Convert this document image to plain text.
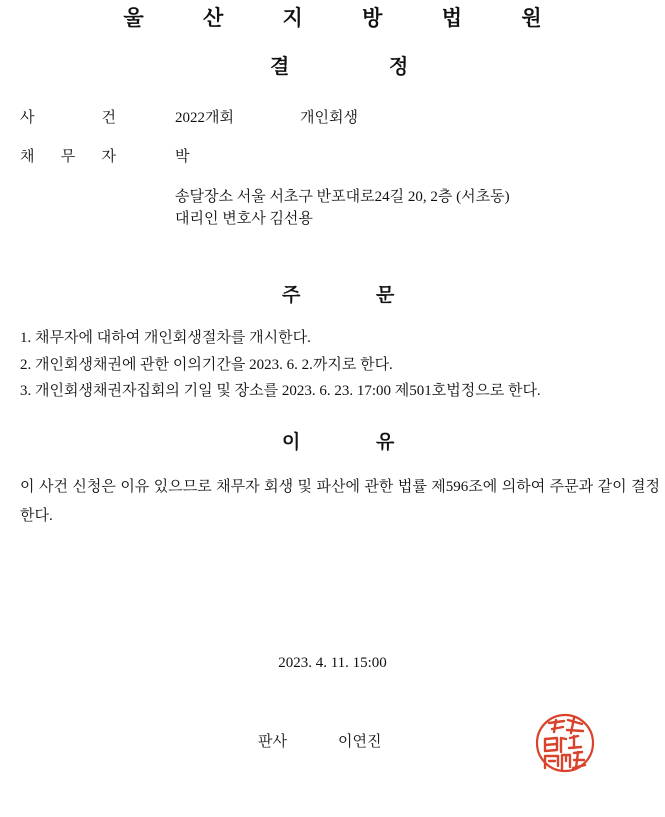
울 산 지 방 법 원
결	정
사 건	2022개회	개인회생
채 무 자	박
송달장소 서울 서초구 반포대로24길 20, 2층 (서초동)
대리인 변호사 김선용
주	문
1. 채무자에 대하여 개인회생절차를 개시한다.
2. 개인회생채권에 관한 이의기간을 2023. 6. 2.까지로 한다.
3. 개인회생채권자집회의 기일 및 장소를 2023. 6. 23. 17:00 제501호법정으로 한다.
이	유
이 사건 신청은 이유 있으므로 채무자 회생 및 파산에 관한 법률 제596조에 의하여 주문과 같이 결정한다.
2023. 4. 11. 15:00
판사	이연진
